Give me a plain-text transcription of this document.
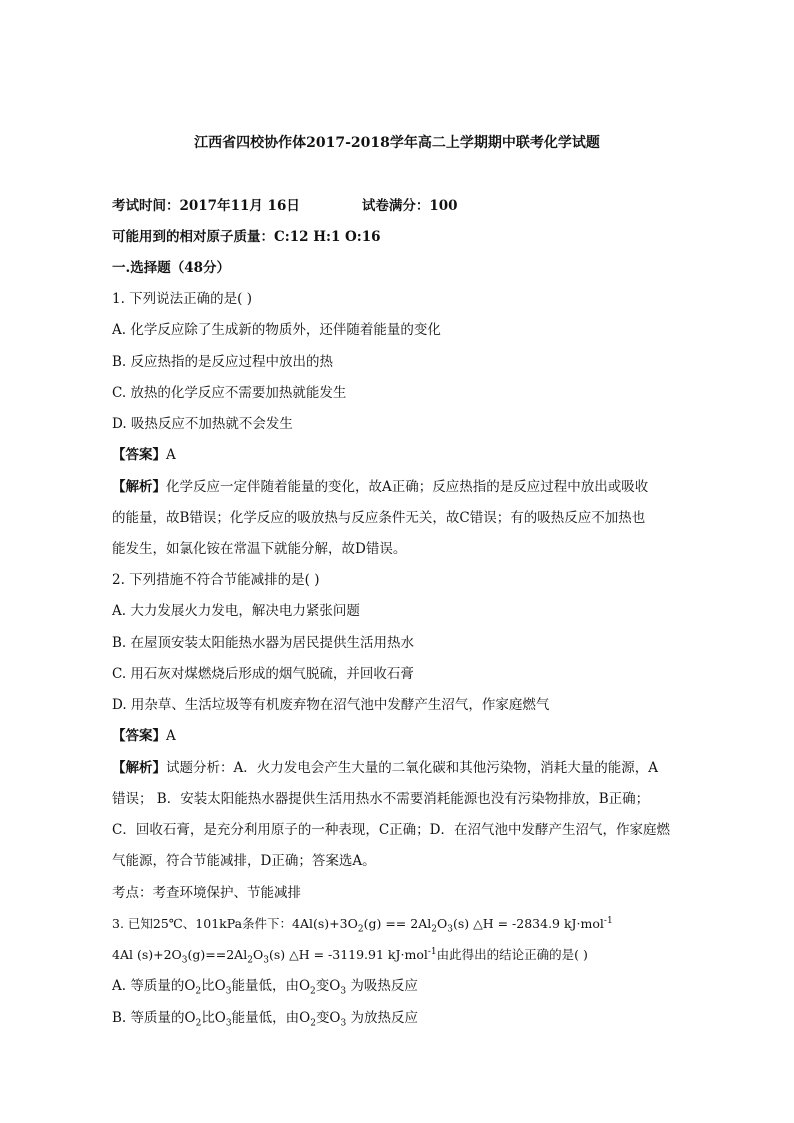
江西省四校协作体2017-2018学年高二上学期期中联考化学试题
考试时间：2017年11月 16日	试卷满分：100
可能用到的相对原子质量：C:12 H:1 O:16
一.选择题（48分）
1. 下列说法正确的是( )
A. 化学反应除了生成新的物质外，还伴随着能量的变化
B. 反应热指的是反应过程中放出的热
C. 放热的化学反应不需要加热就能发生
D. 吸热反应不加热就不会发生
【答案】A
【解析】化学反应一定伴随着能量的变化，故A正确；反应热指的是反应过程中放出或吸收
的能量，故B错误；化学反应的吸放热与反应条件无关，故C错误；有的吸热反应不加热也
能发生，如氯化铵在常温下就能分解，故D错误。
2. 下列措施不符合节能减排的是( )
A. 大力发展火力发电，解决电力紧张问题
B. 在屋顶安装太阳能热水器为居民提供生活用热水
C. 用石灰对煤燃烧后形成的烟气脱硫，并回收石膏
D. 用杂草、生活垃圾等有机废弃物在沼气池中发酵产生沼气，作家庭燃气
【答案】A
【解析】试题分析：A．火力发电会产生大量的二氧化碳和其他污染物，消耗大量的能源，A
错误； B．安装太阳能热水器提供生活用热水不需要消耗能源也没有污染物排放，B正确；
C．回收石膏，是充分利用原子的一种表现，C正确；D．在沼气池中发酵产生沼气，作家庭燃
气能源，符合节能减排，D正确；答案选A。
考点：考查环境保护、节能减排
3. 已知25℃、101kPa条件下：$4Al(s)+3O_2(g) == 2Al_2O_3(s)$ △H = -2834.9 kJ·mol$^{-1}$
4Al $(s)+2O_3(g)==2Al_2O_3(s)$ △H = -3119.91 kJ·mol$^{-1}$由此得出的结论正确的是( )
A. 等质量的$O_2$比$O_3$能量低，由$O_2$变$O_3$ 为吸热反应
B. 等质量的$O_2$比$O_3$能量低，由$O_2$变$O_3$ 为放热反应
